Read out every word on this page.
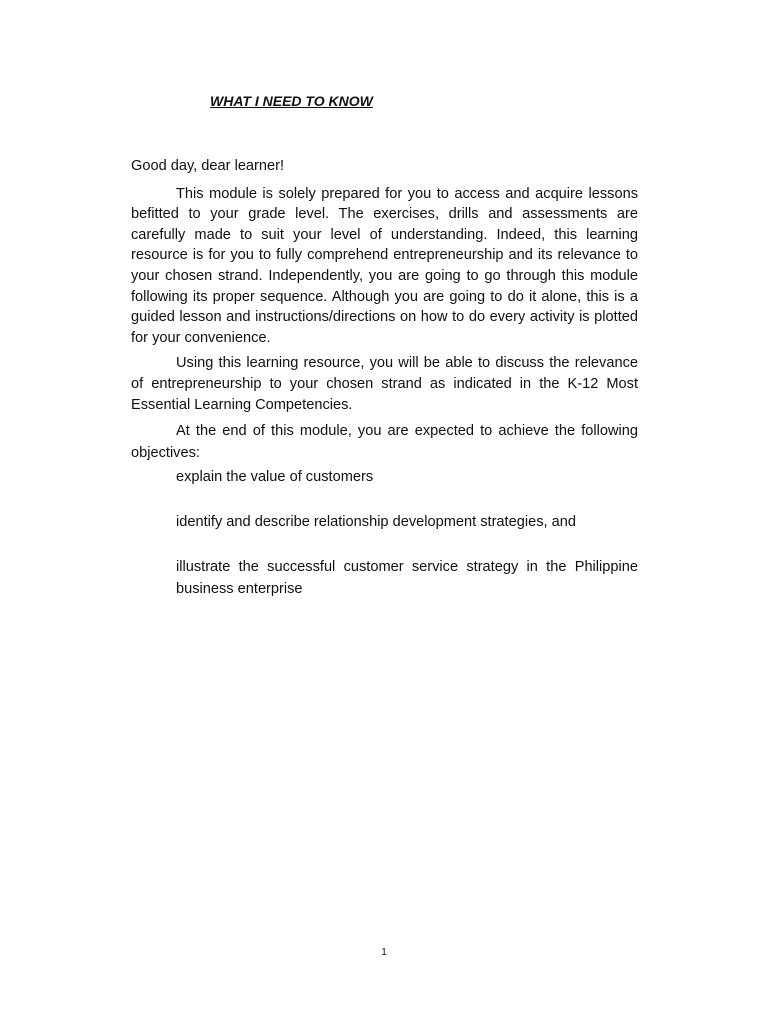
WHAT I NEED TO KNOW

Good day, dear learner!

This module is solely prepared for you to access and acquire lessons befitted to your grade level. The exercises, drills and assessments are carefully made to suit your level of understanding. Indeed, this learning resource is for you to fully comprehend entrepreneurship and its relevance to your chosen strand. Independently, you are going to go through this module following its proper sequence. Although you are going to do it alone, this is a guided lesson and instructions/directions on how to do every activity is plotted for your convenience.

Using this learning resource, you will be able to discuss the relevance of entrepreneurship to your chosen strand as indicated in the K-12 Most Essential Learning Competencies.

At the end of this module, you are expected to achieve the following objectives:

explain the value of customers
identify and describe relationship development strategies, and
illustrate the successful customer service strategy in the Philippine business enterprise
1
